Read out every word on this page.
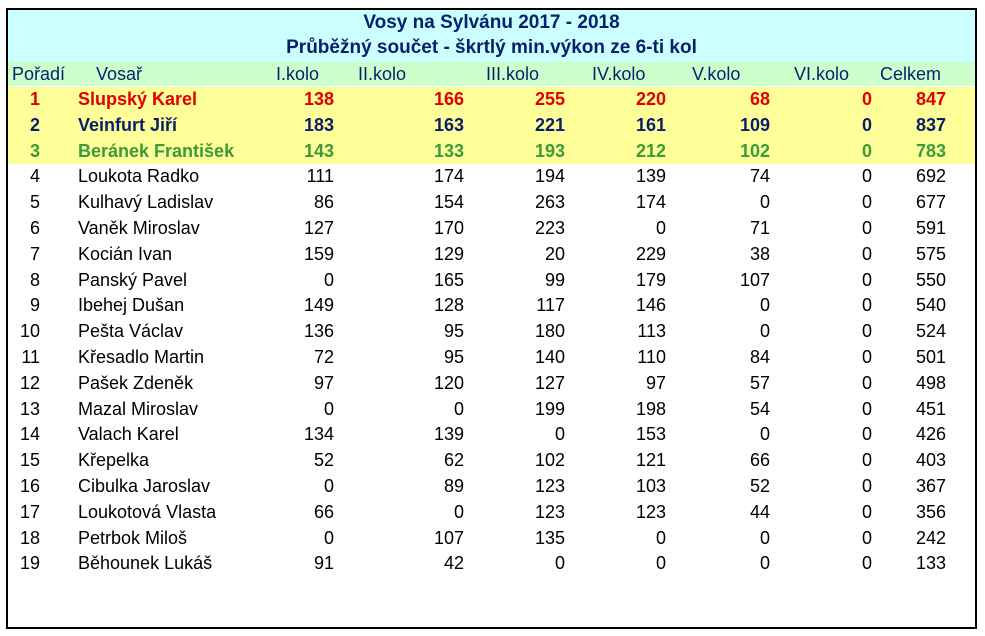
Vosy na Sylvánu 2017 - 2018
Průběžný součet - škrtlý min.výkon ze 6-ti kol
Pořadí Vosař	I.kolo II.kolo	III.kolo	IV.kolo	V.kolo	VI.kolo Celkem
1 Slupský Karel	138	166	255	220	68	0	847
2 Veinfurt Jiří	183	163	221	161	109	0	837
3 Beránek František	143	133	193	212	102	0	783
4 Loukota Radko	111	174	194	139	74	0	692
5 Kulhavý Ladislav	86	154	263	174	0	0	677
6 Vaněk Miroslav	127	170	223	0	71	0	591
7 Kocián Ivan	159	129	20	229	38	0	575
8 Panský Pavel	0	165	99	179	107	0	550
9 Ibehej Dušan	149	128	117	146	0	0	540
10 Pešta Václav	136	95	180	113	0	0	524
11 Křesadlo Martin	72	95	140	110	84	0	501
12 Pašek Zdeněk	97	120	127	97	57	0	498
13 Mazal Miroslav	0	0	199	198	54	0	451
14 Valach Karel	134	139	0	153	0	0	426
15 Křepelka	52	62	102	121	66	0	403
16 Cibulka Jaroslav	0	89	123	103	52	0	367
17 Loukotová Vlasta	66	0	123	123	44	0	356
18 Petrbok Miloš	0	107	135	0	0	0	242
19 Běhounek Lukáš	91	42	0	0	0	0	133
